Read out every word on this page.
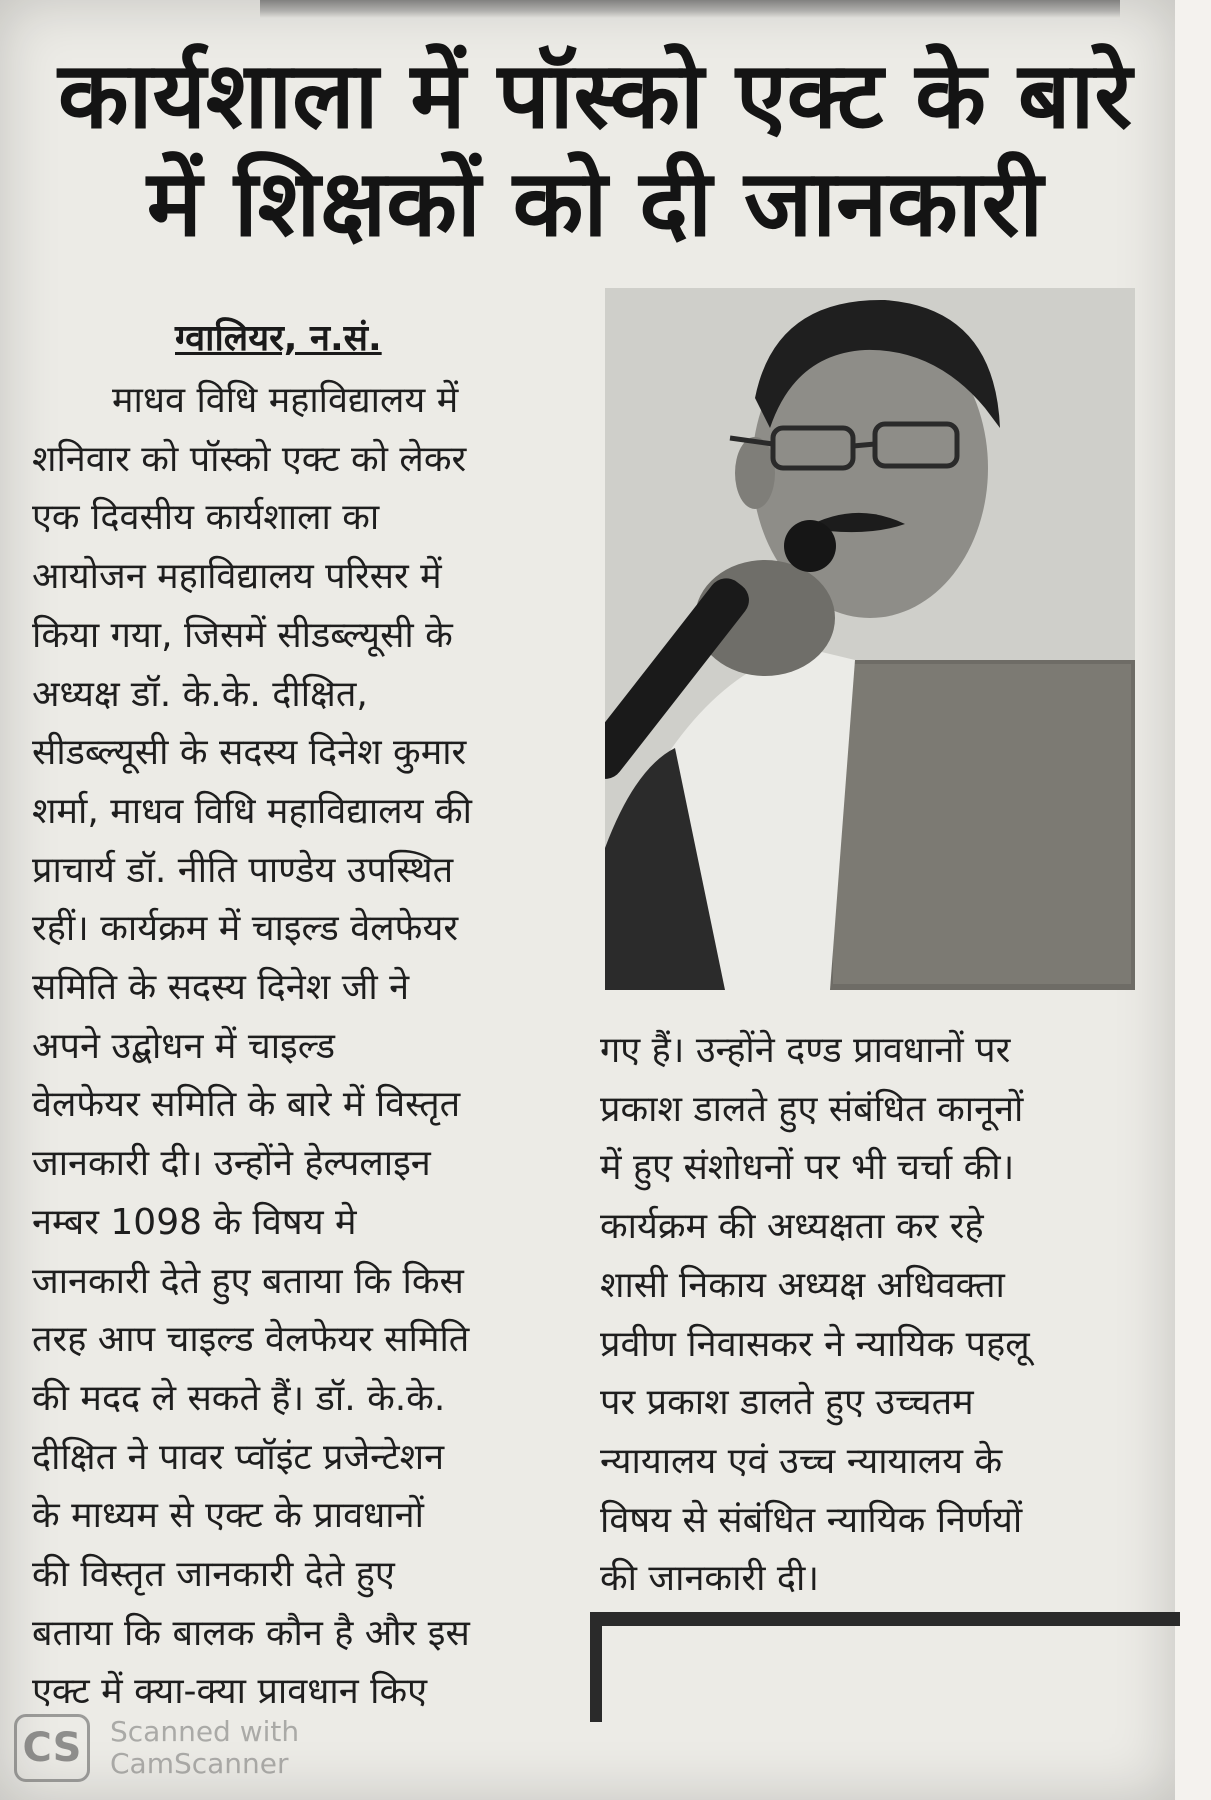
कार्यशाला में पॉस्को एक्ट के बारे
में शिक्षकों को दी जानकारी
ग्वालियर, न.सं.

माधव विधि महाविद्यालय में
शनिवार को पॉस्को एक्ट को लेकर
एक दिवसीय कार्यशाला का
आयोजन महाविद्यालय परिसर में
किया गया, जिसमें सीडब्ल्यूसी के
अध्यक्ष डॉ. के.के. दीक्षित,
सीडब्ल्यूसी के सदस्य दिनेश कुमार
शर्मा, माधव विधि महाविद्यालय की
प्राचार्य डॉ. नीति पाण्डेय उपस्थित
रहीं। कार्यक्रम में चाइल्ड वेलफेयर
समिति के सदस्य दिनेश जी ने
अपने उद्बोधन में चाइल्ड
वेलफेयर समिति के बारे में विस्तृत
जानकारी दी। उन्होंने हेल्पलाइन
नम्बर 1098 के विषय मे
जानकारी देते हुए बताया कि किस
तरह आप चाइल्ड वेलफेयर समिति
की मदद ले सकते हैं। डॉ. के.के.
दीक्षित ने पावर प्वॉइंट प्रजेन्टेशन
के माध्यम से एक्ट के प्रावधानों
की विस्तृत जानकारी देते हुए
बताया कि बालक कौन है और इस
एक्ट में क्या-क्या प्रावधान किए

गए हैं। उन्होंने दण्ड प्रावधानों पर
प्रकाश डालते हुए संबंधित कानूनों
में हुए संशोधनों पर भी चर्चा की।
कार्यक्रम की अध्यक्षता कर रहे
शासी निकाय अध्यक्ष अधिवक्ता
प्रवीण निवासकर ने न्यायिक पहलू
पर प्रकाश डालते हुए उच्चतम
न्यायालय एवं उच्च न्यायालय के
विषय से संबंधित न्यायिक निर्णयों
की जानकारी दी।

CS	Scanned with
CamScanner
